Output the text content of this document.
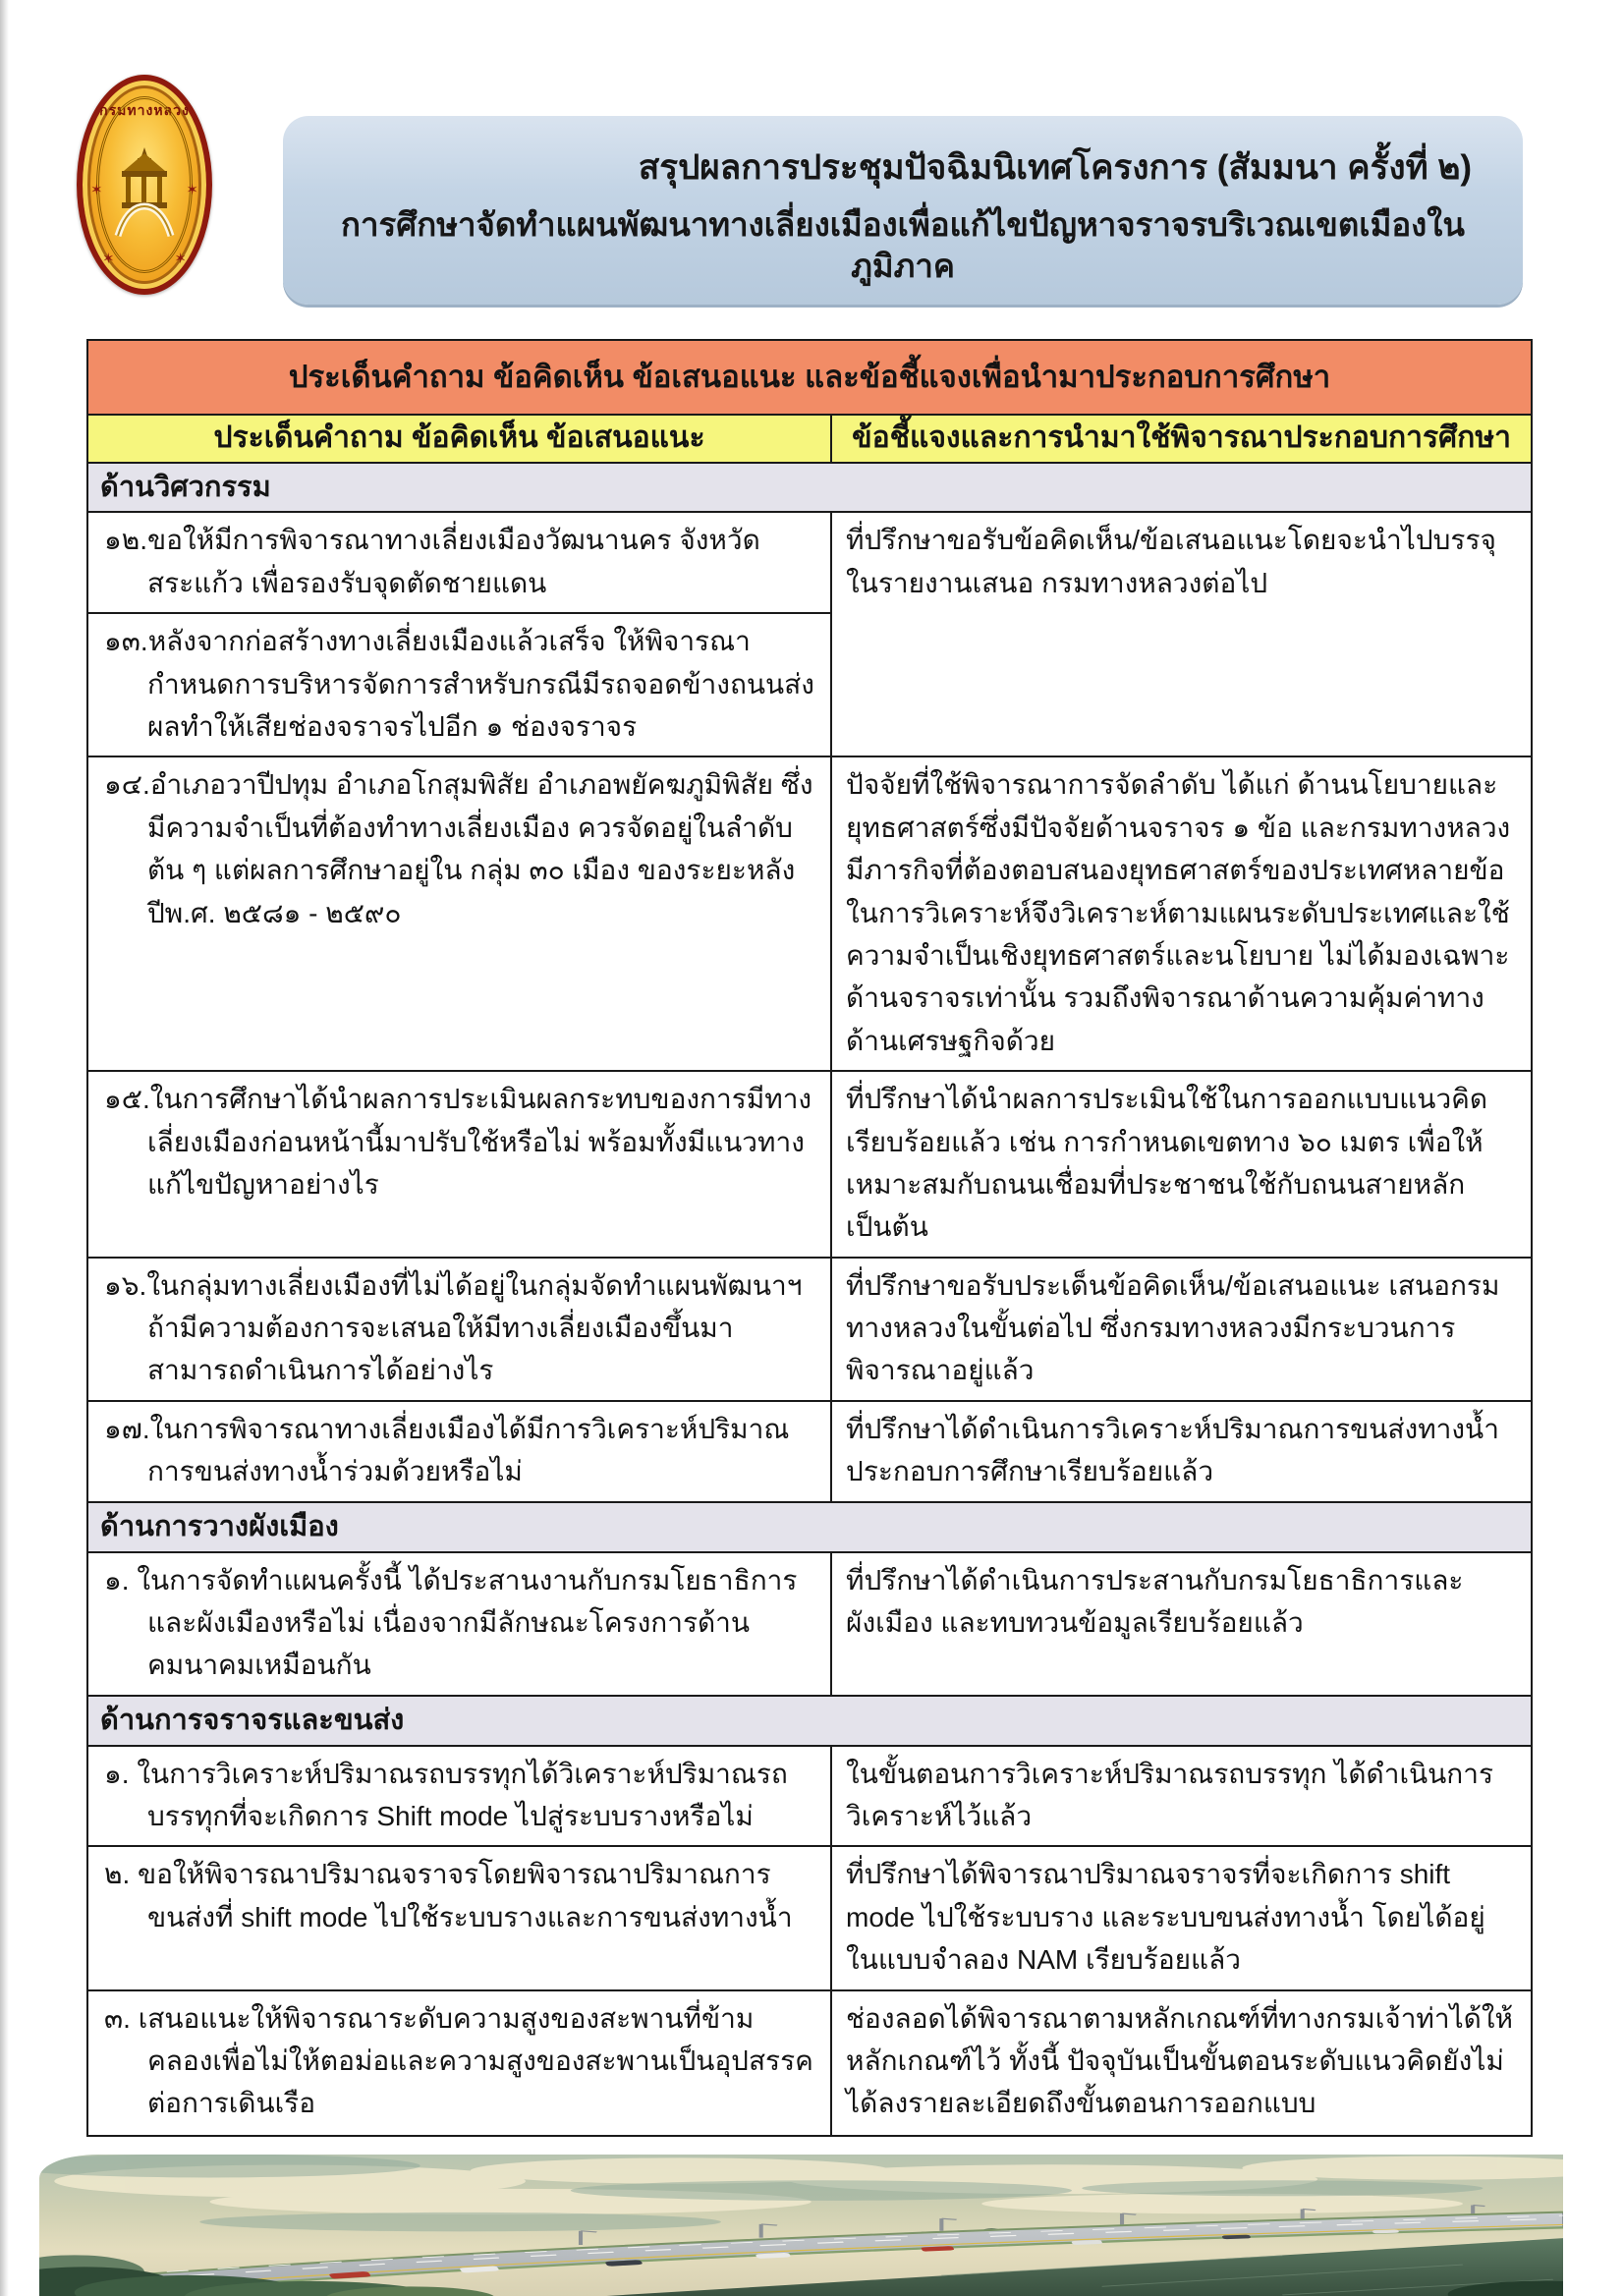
กรมทางหลวง
✶	✶
✶	✶
สรุปผลการประชุมปัจฉิมนิเทศโครงการ (สัมมนา ครั้งที่ ๒)
การศึกษาจัดทำแผนพัฒนาทางเลี่ยงเมืองเพื่อแก้ไขปัญหาจราจรบริเวณเขตเมืองในภูมิภาค
ประเด็นคำถาม ข้อคิดเห็น ข้อเสนอแนะ และข้อชี้แจงเพื่อนำมาประกอบการศึกษา	
ประเด็นคำถาม ข้อคิดเห็น ข้อเสนอแนะ	ข้อชี้แจงและการนำมาใช้พิจารณาประกอบการศึกษา
ด้านวิศวกรรม	
๑๒.ขอให้มีการพิจารณาทางเลี่ยงเมืองวัฒนานคร จังหวัดสระแก้ว เพื่อรองรับจุดตัดชายแดน	ที่ปรึกษาขอรับข้อคิดเห็น/ข้อเสนอแนะโดยจะนำไปบรรจุในรายงานเสนอ กรมทางหลวงต่อไป
๑๓.หลังจากก่อสร้างทางเลี่ยงเมืองแล้วเสร็จ ให้พิจารณากำหนดการบริหารจัดการสำหรับกรณีมีรถจอดข้างถนนส่งผลทำให้เสียช่องจราจรไปอีก ๑ ช่องจราจร	
๑๔.อำเภอวาปีปทุม อำเภอโกสุมพิสัย อำเภอพยัคฆภูมิพิสัย ซึ่งมีความจำเป็นที่ต้องทำทางเลี่ยงเมือง ควรจัดอยู่ในลำดับต้น ๆ แต่ผลการศึกษาอยู่ใน กลุ่ม ๓๐ เมือง ของระยะหลังปีพ.ศ. ๒๕๘๑ - ๒๕๙๐	ปัจจัยที่ใช้พิจารณาการจัดลำดับ ได้แก่ ด้านนโยบายและยุทธศาสตร์ซึ่งมีปัจจัยด้านจราจร ๑ ข้อ และกรมทางหลวงมีภารกิจที่ต้องตอบสนองยุทธศาสตร์ของประเทศหลายข้อ ในการวิเคราะห์จึงวิเคราะห์ตามแผนระดับประเทศและใช้ความจำเป็นเชิงยุทธศาสตร์และนโยบาย ไม่ได้มองเฉพาะด้านจราจรเท่านั้น รวมถึงพิจารณาด้านความคุ้มค่าทางด้านเศรษฐกิจด้วย
๑๕.ในการศึกษาได้นำผลการประเมินผลกระทบของการมีทางเลี่ยงเมืองก่อนหน้านี้มาปรับใช้หรือไม่ พร้อมทั้งมีแนวทางแก้ไขปัญหาอย่างไร	ที่ปรึกษาได้นำผลการประเมินใช้ในการออกแบบแนวคิดเรียบร้อยแล้ว เช่น การกำหนดเขตทาง ๖๐ เมตร เพื่อให้เหมาะสมกับถนนเชื่อมที่ประชาชนใช้กับถนนสายหลัก เป็นต้น
๑๖.ในกลุ่มทางเลี่ยงเมืองที่ไม่ได้อยู่ในกลุ่มจัดทำแผนพัฒนาฯ ถ้ามีความต้องการจะเสนอให้มีทางเลี่ยงเมืองขึ้นมาสามารถดำเนินการได้อย่างไร	ที่ปรึกษาขอรับประเด็นข้อคิดเห็น/ข้อเสนอแนะ เสนอกรมทางหลวงในขั้นต่อไป ซึ่งกรมทางหลวงมีกระบวนการพิจารณาอยู่แล้ว
๑๗.ในการพิจารณาทางเลี่ยงเมืองได้มีการวิเคราะห์ปริมาณการขนส่งทางน้ำร่วมด้วยหรือไม่	ที่ปรึกษาได้ดำเนินการวิเคราะห์ปริมาณการขนส่งทางน้ำประกอบการศึกษาเรียบร้อยแล้ว
ด้านการวางผังเมือง	
๑. ในการจัดทำแผนครั้งนี้ ได้ประสานงานกับกรมโยธาธิการและผังเมืองหรือไม่ เนื่องจากมีลักษณะโครงการด้านคมนาคมเหมือนกัน	ที่ปรึกษาได้ดำเนินการประสานกับกรมโยธาธิการและผังเมือง และทบทวนข้อมูลเรียบร้อยแล้ว
ด้านการจราจรและขนส่ง	
๑. ในการวิเคราะห์ปริมาณรถบรรทุกได้วิเคราะห์ปริมาณรถบรรทุกที่จะเกิดการ Shift mode ไปสู่ระบบรางหรือไม่	ในขั้นตอนการวิเคราะห์ปริมาณรถบรรทุก ได้ดำเนินการวิเคราะห์ไว้แล้ว
๒. ขอให้พิจารณาปริมาณจราจรโดยพิจารณาปริมาณการขนส่งที่ shift mode ไปใช้ระบบรางและการขนส่งทางน้ำ	ที่ปรึกษาได้พิจารณาปริมาณจราจรที่จะเกิดการ shift mode ไปใช้ระบบราง และระบบขนส่งทางน้ำ โดยได้อยู่ในแบบจำลอง NAM เรียบร้อยแล้ว
๓. เสนอแนะให้พิจารณาระดับความสูงของสะพานที่ข้ามคลองเพื่อไม่ให้ตอม่อและความสูงของสะพานเป็นอุปสรรคต่อการเดินเรือ	ช่องลอดได้พิจารณาตามหลักเกณฑ์ที่ทางกรมเจ้าท่าได้ให้หลักเกณฑ์ไว้ ทั้งนี้ ปัจจุบันเป็นขั้นตอนระดับแนวคิดยังไม่ได้ลงรายละเอียดถึงขั้นตอนการออกแบบ
